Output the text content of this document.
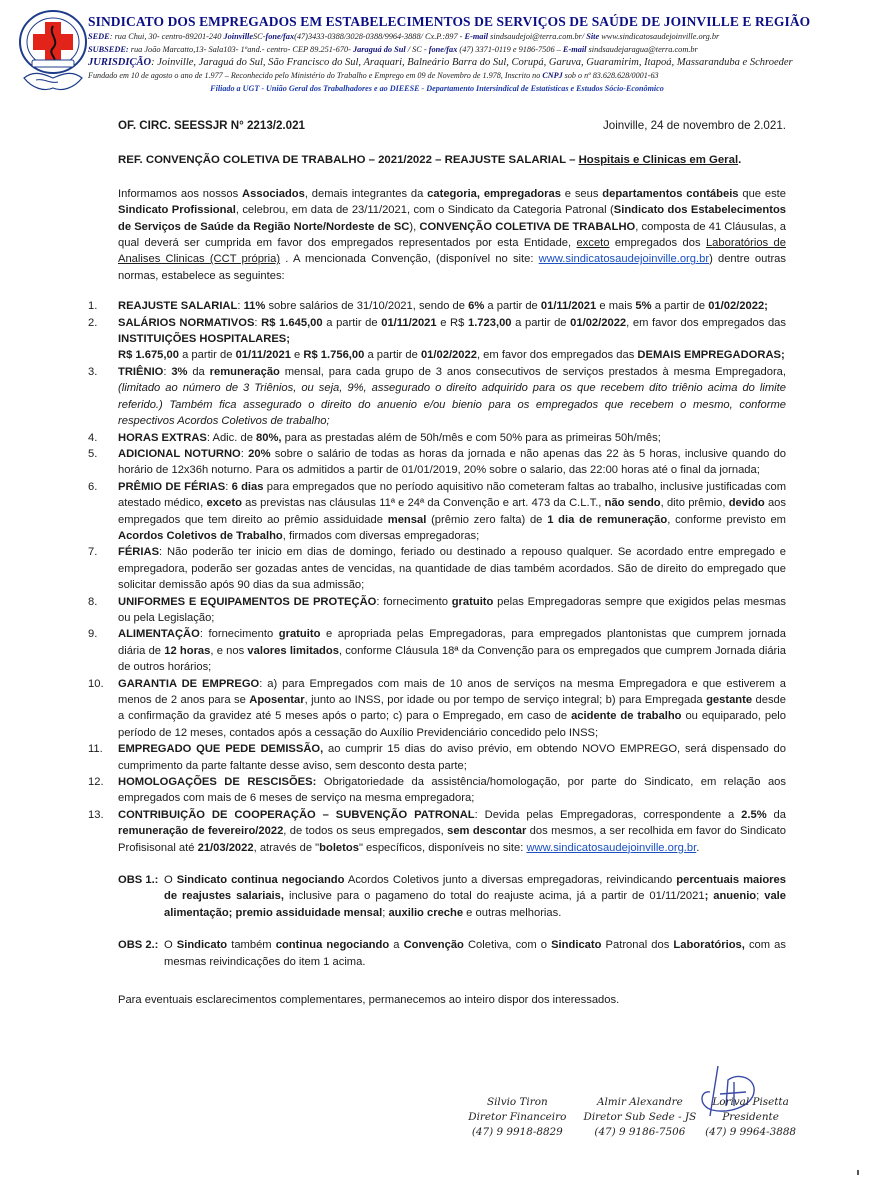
SINDICATO DOS EMPREGADOS EM ESTABELECIMENTOS DE SERVIÇOS DE SAÚDE DE JOINVILLE E REGIÃO
SEDE: rua Chui, 30- centro-89201-240 JoinvilleSC-fone/fax(47)3433-0388/3028-0388/9964-3888/ Cx.P.:897 - E-mail sindsaudejoi@terra.com.br/ Site www.sindicatosaudejoinville.org.br
SUBSEDE: rua João Marcatto,13- Sala103- 1ºand.- centro- CEP 89.251-670- Jaraguá do Sul / SC - fone/fax (47) 3371-0119 e 9186-7506 – E-mail sindsaudejaragua@terra.com.br
JURISDIÇÃO: Joinville, Jaraguá do Sul, São Francisco do Sul, Araquari, Balneário Barra do Sul, Corupá, Garuva, Guaramirim, Itapoá, Massaranduba e Schroeder
Fundado em 10 de agosto o ano de 1.977 – Reconhecido pelo Ministério do Trabalho e Emprego em 09 de Novembro de 1.978, Inscrito no CNPJ sob o nº 83.628.628/0001-63
Filiado a UGT - União Geral dos Trabalhadores e ao DIEESE - Departamento Intersindical de Estatísticas e Estudos Sócio-Econômico
OF. CIRC. SEESSJR N° 2213/2.021	Joinville, 24 de novembro de 2.021.
REF. CONVENÇÃO COLETIVA DE TRABALHO – 2021/2022 – REAJUSTE SALARIAL – Hospitais e Clinicas em Geral.
Informamos aos nossos Associados, demais integrantes da categoria, empregadoras e seus departamentos contábeis que este Sindicato Profissional, celebrou, em data de 23/11/2021, com o Sindicato da Categoria Patronal (Sindicato dos Estabelecimentos de Serviços de Saúde da Região Norte/Nordeste de SC), CONVENÇÃO COLETIVA DE TRABALHO, composta de 41 Cláusulas, a qual deverá ser cumprida em favor dos empregados representados por esta Entidade, exceto empregados dos Laboratórios de Analises Clinicas (CCT própria) . A mencionada Convenção, (disponível no site: www.sindicatosaudejoinville.org.br) dentre outras normas, estabelece as seguintes:
1. REAJUSTE SALARIAL: 11% sobre salários de 31/10/2021, sendo de 6% a partir de 01/11/2021 e mais 5% a partir de 01/02/2022;
2. SALÁRIOS NORMATIVOS: R$ 1.645,00 a partir de 01/11/2021 e R$ 1.723,00 a partir de 01/02/2022, em favor dos empregados das INSTITUIÇÕES HOSPITALARES;
R$ 1.675,00 a partir de 01/11/2021 e R$ 1.756,00 a partir de 01/02/2022, em favor dos empregados das DEMAIS EMPREGADORAS;
3. TRIÊNIO: 3% da remuneração mensal, para cada grupo de 3 anos consecutivos de serviços prestados à mesma Empregadora, (limitado ao número de 3 Triênios, ou seja, 9%, assegurado o direito adquirido para os que recebem dito triênio acima do limite referido.) Também fica assegurado o direito do anuenio e/ou bienio para os empregados que recebem o mesmo, conforme respectivos Acordos Coletivos de trabalho;
4. HORAS EXTRAS: Adic. de 80%, para as prestadas além de 50h/mês e com 50% para as primeiras 50h/mês;
5. ADICIONAL NOTURNO: 20% sobre o salário de todas as horas da jornada e não apenas das 22 às 5 horas, inclusive quando do horário de 12x36h noturno. Para os admitidos a partir de 01/01/2019, 20% sobre o salario, das 22:00 horas até o final da jornada;
6. PRÊMIO DE FÉRIAS: 6 dias para empregados que no período aquisitivo não cometeram faltas ao trabalho, inclusive justificadas com atestado médico, exceto as previstas nas cláusulas 11ª e 24ª da Convenção e art. 473 da C.L.T., não sendo, dito prêmio, devido aos empregados que tem direito ao prêmio assiduidade mensal (prêmio zero falta) de 1 dia de remuneração, conforme previsto em Acordos Coletivos de Trabalho, firmados com diversas empregadoras;
7. FÉRIAS: Não poderão ter inicio em dias de domingo, feriado ou destinado a repouso qualquer. Se acordado entre empregado e empregadora, poderão ser gozadas antes de vencidas, na quantidade de dias também acordados. São de direito do empregado que solicitar demissão após 90 dias da sua admissão;
8. UNIFORMES E EQUIPAMENTOS DE PROTEÇÃO: fornecimento gratuito pelas Empregadoras sempre que exigidos pelas mesmas ou pela Legislação;
9. ALIMENTAÇÃO: fornecimento gratuito e apropriada pelas Empregadoras, para empregados plantonistas que cumprem jornada diária de 12 horas, e nos valores limitados, conforme Cláusula 18ª da Convenção para os empregados que cumprem Jornada diária de outros horários;
10. GARANTIA DE EMPREGO: a) para Empregados com mais de 10 anos de serviços na mesma Empregadora e que estiverem a menos de 2 anos para se Aposentar, junto ao INSS, por idade ou por tempo de serviço integral; b) para Empregada gestante desde a confirmação da gravidez até 5 meses após o parto; c) para o Empregado, em caso de acidente de trabalho ou equiparado, pelo período de 12 meses, contados após a cessação do Auxílio Previdenciário concedido pelo INSS;
11. EMPREGADO QUE PEDE DEMISSÃO, ao cumprir 15 dias do aviso prévio, em obtendo NOVO EMPREGO, será dispensado do cumprimento da parte faltante desse aviso, sem desconto desta parte;
12. HOMOLOGAÇÕES DE RESCISÕES: Obrigatoriedade da assistência/homologação, por parte do Sindicato, em relação aos empregados com mais de 6 meses de serviço na mesma empregadora;
13. CONTRIBUIÇÃO DE COOPERAÇÃO – SUBVENÇÃO PATRONAL: Devida pelas Empregadoras, correspondente a 2.5% da remuneração de fevereiro/2022, de todos os seus empregados, sem descontar dos mesmos, a ser recolhida em favor do Sindicato Profisisonal até 21/03/2022, através de "boletos" específicos, disponíveis no site: www.sindicatosaudejoinville.org.br.
OBS 1.: O Sindicato continua negociando Acordos Coletivos junto a diversas empregadoras, reivindicando percentuais maiores de reajustes salariais, inclusive para o pagameno do total do reajuste acima, já a partir de 01/11/2021; anuenio; vale alimentação; premio assiduidade mensal; auxilio creche e outras melhorias.
OBS 2.: O Sindicato também continua negociando a Convenção Coletiva, com o Sindicato Patronal dos Laboratórios, com as mesmas reivindicações do item 1 acima.
Para eventuais esclarecimentos complementares, permanecemos ao inteiro dispor dos interessados.
Silvio Tiron
Diretor Financeiro
(47) 9 9918-8829
Almir Alexandre
Diretor Sub Sede - JS
(47) 9 9186-7506
Lorival Pisetta
Presidente
(47) 9 9964-3888
